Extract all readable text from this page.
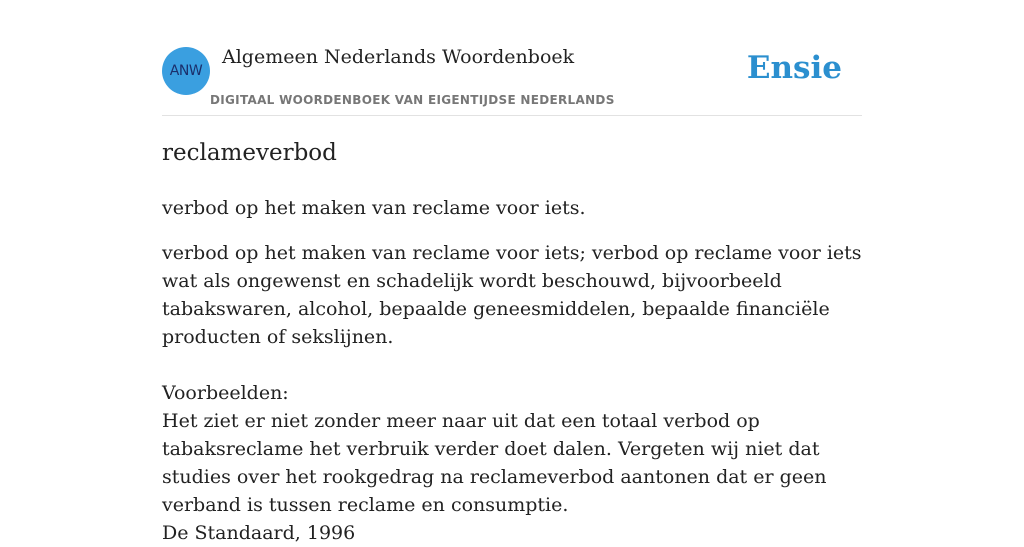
ANW
Algemeen Nederlands Woordenboek
DIGITAAL WOORDENBOEK VAN EIGENTIJDSE NEDERLANDS
Ensie
reclameverbod
verbod op het maken van reclame voor iets.

verbod op het maken van reclame voor iets; verbod op reclame voor iets wat als ongewenst en schadelijk wordt beschouwd, bijvoorbeeld tabakswaren, alcohol, bepaalde geneesmiddelen, bepaalde financiële producten of sekslijnen.

Voorbeelden:

Het ziet er niet zonder meer naar uit dat een totaal verbod op tabaksreclame het verbruik verder doet dalen. Vergeten wij niet dat studies over het rookgedrag na reclameverbod aantonen dat er geen verband is tussen reclame en consumptie.

De Standaard, 1996
